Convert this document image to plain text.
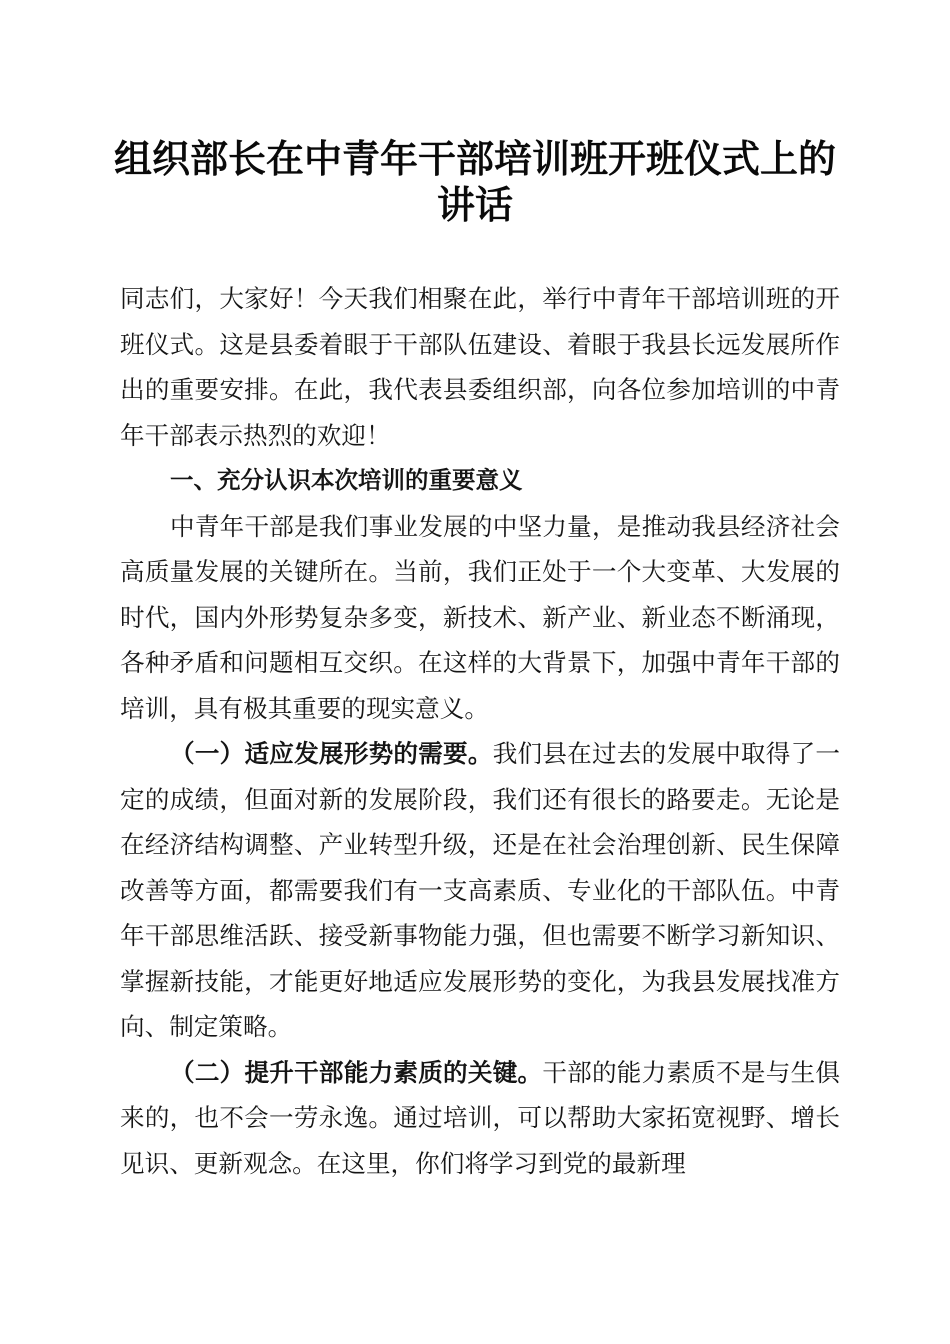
组织部长在中青年干部培训班开班仪式上的讲话

同志们，大家好！今天我们相聚在此，举行中青年干部培训班的开班仪式。这是县委着眼于干部队伍建设、着眼于我县长远发展所作出的重要安排。在此，我代表县委组织部，向各位参加培训的中青年干部表示热烈的欢迎！

一、充分认识本次培训的重要意义

中青年干部是我们事业发展的中坚力量，是推动我县经济社会高质量发展的关键所在。当前，我们正处于一个大变革、大发展的时代，国内外形势复杂多变，新技术、新产业、新业态不断涌现，各种矛盾和问题相互交织。在这样的大背景下，加强中青年干部的培训，具有极其重要的现实意义。

（一）适应发展形势的需要。我们县在过去的发展中取得了一定的成绩，但面对新的发展阶段，我们还有很长的路要走。无论是在经济结构调整、产业转型升级，还是在社会治理创新、民生保障改善等方面，都需要我们有一支高素质、专业化的干部队伍。中青年干部思维活跃、接受新事物能力强，但也需要不断学习新知识、掌握新技能，才能更好地适应发展形势的变化，为我县发展找准方向、制定策略。

（二）提升干部能力素质的关键。干部的能力素质不是与生俱来的，也不会一劳永逸。通过培训，可以帮助大家拓宽视野、增长见识、更新观念。在这里，你们将学习到党的最新理
